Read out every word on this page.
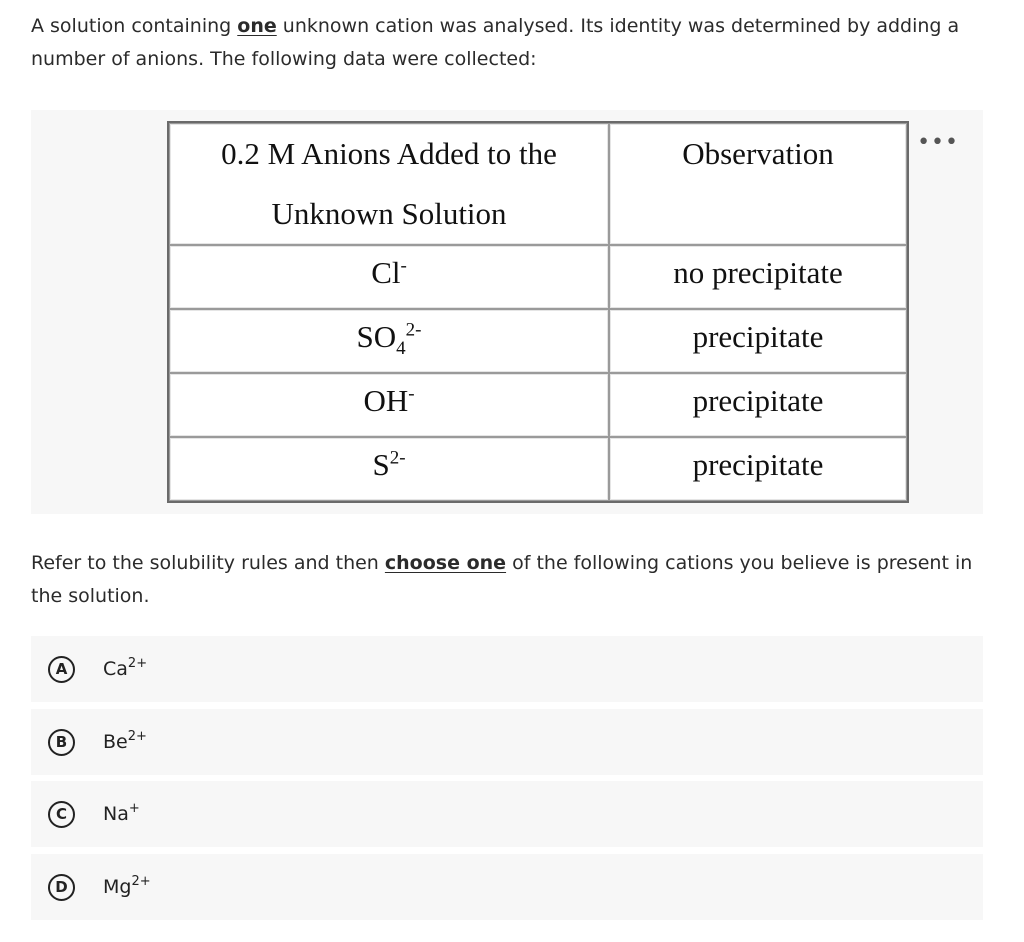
A solution containing one unknown cation was analysed. Its identity was determined by adding a number of anions. The following data were collected:
0.2 M Anions Added to the
Unknown Solution	Observation
Cl-	no precipitate
$SO_4^{2-}$	precipitate
OH-	precipitate
$S^{2-}$	precipitate
•••
Refer to the solubility rules and then choose one of the following cations you believe is present in the solution.
A	$Ca^{2+}$
B	$Be^{2+}$
C	Na+
D	$Mg^{2+}$
